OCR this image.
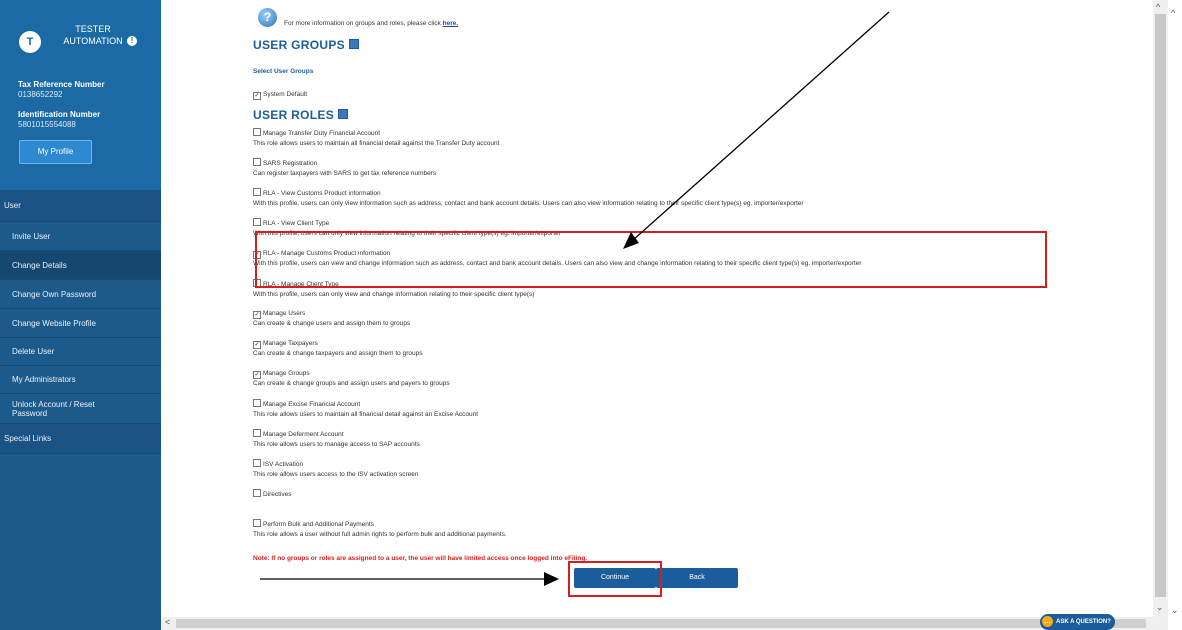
T
TESTER AUTOMATION	!
Tax Reference Number
0138652292
Identification Number
5801015554088
My Profile
User
Invite User
Change Details
Change Own Password
Change Website Profile
Delete User
My Administrators
Unlock Account / Reset Password
Special Links
?	For more information on groups and roles, please click here.
USER GROUPS
Select User Groups
✓ System Default
USER ROLES
Manage Transfer Duty Financial Account
This role allows users to maintain all financial detail against the Transfer Duty account
SARS Registration
Can register taxpayers with SARS to get tax reference numbers
RLA - View Customs Product information
With this profile, users can only view information such as address, contact and bank account details. Users can also view information relating to their specific client type(s) eg. importer/exporter
RLA - View Client Type
With this profile, users can only view information relating to their specific client type(s) eg. importer/exporter
✓ RLA - Manage Customs Product information
With this profile, users can view and change information such as address, contact and bank account details. Users can also view and change information relating to their specific client type(s) eg. importer/exporter
RLA - Manage Client Type
With this profile, users can only view and change information relating to their specific client type(s)
✓ Manage Users
Can create & change users and assign them to groups
✓ Manage Taxpayers
Can create & change taxpayers and assign them to groups
✓ Manage Groups
Can create & change groups and assign users and payers to groups
Manage Excise Financial Account
This role allows users to maintain all financial detail against an Excise Account
Manage Deferment Account
This role allows users to manage access to SAP accounts
ISV Activation
This role allows users access to the ISV activation screen
Directives
Perform Bulk and Additional Payments
This role allows a user without full admin rights to perform bulk and additional payments.
Note: If no groups or roles are assigned to a user, the user will have limited access once logged into eFiling.
Continue	Back
^
⌄
^
⌄
<	… ASK A QUESTION?
